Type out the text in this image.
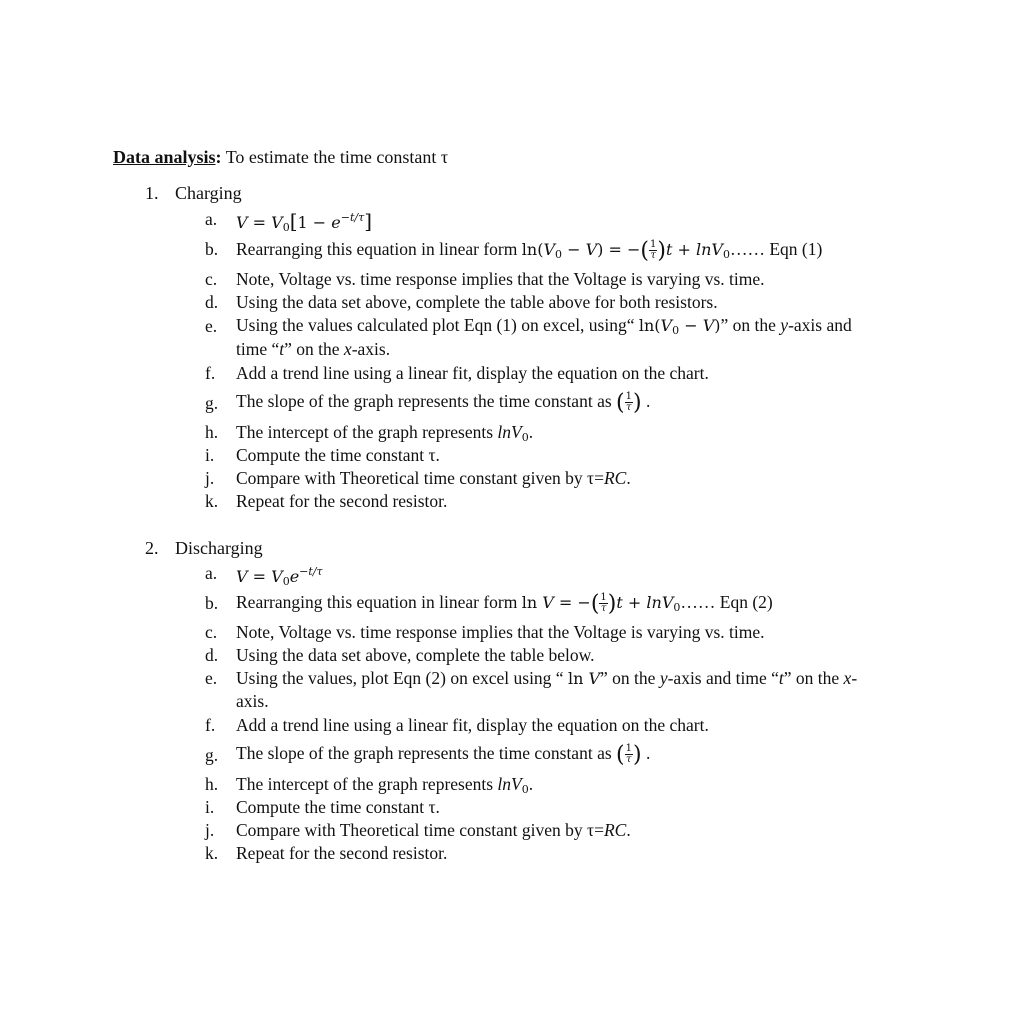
Data analysis: To estimate the time constant τ
1. Charging
a.	$V = V_0[1 - e^{-t/\tau}]$
b.	Rearranging this equation in linear form $\ln(V_0 - V)$ = −( $\frac{1}{\tau} )t$ + lnV$_0$…… Eqn (1)
c.	Note, Voltage vs. time response implies that the Voltage is varying vs. time.
d.	Using the data set above, complete the table above for both resistors.
e.	Using the values calculated plot Eqn (1) on excel, using“ $\ln(V_0 - V)$” on the y-axis and
time “t” on the x-axis.
f.	Add a trend line using a linear fit, display the equation on the chart.
g.	The slope of the graph represents the time constant as ( $\frac{1}{\tau}$ ) .
h.	The intercept of the graph represents lnV$_0$.
i.	Compute the time constant τ.
j.	Compare with Theoretical time constant given by τ=RC.
k.	Repeat for the second resistor.
2. Discharging
a.	$V = V_0e^{-t/\tau}$
b.	Rearranging this equation in linear form ln V = −( $\frac{1}{\tau} )t$ + lnV$_0$…… Eqn (2)
c.	Note, Voltage vs. time response implies that the Voltage is varying vs. time.
d.	Using the data set above, complete the table below.
e.	Using the values, plot Eqn (2) on excel using “ ln V” on the y-axis and time “t” on the x-
axis.
f.	Add a trend line using a linear fit, display the equation on the chart.
g.	The slope of the graph represents the time constant as ( $\frac{1}{\tau}$ ) .
h.	The intercept of the graph represents lnV$_0$.
i.	Compute the time constant τ.
j.	Compare with Theoretical time constant given by τ=RC.
k.	Repeat for the second resistor.
